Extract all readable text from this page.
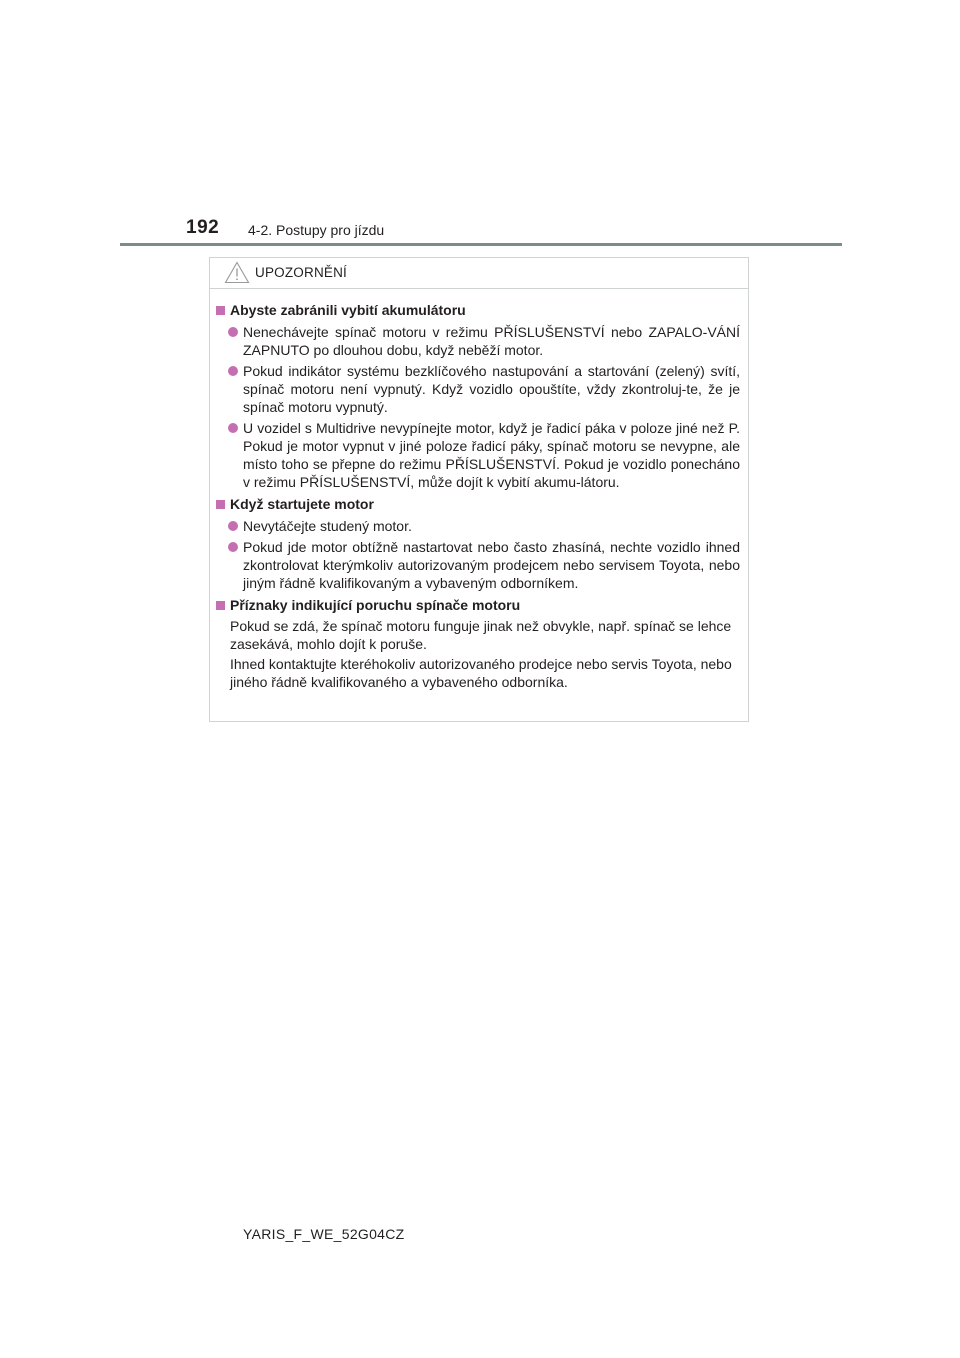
192 4-2. Postupy pro jízdu
UPOZORNĚNÍ
Abyste zabránili vybití akumulátoru
Nenechávejte spínač motoru v režimu PŘÍSLUŠENSTVÍ nebo ZAPALO-VÁNÍ ZAPNUTO po dlouhou dobu, když neběží motor.
Pokud indikátor systému bezklíčového nastupování a startování (zelený) svítí, spínač motoru není vypnutý. Když vozidlo opouštíte, vždy zkontroluj-te, že je spínač motoru vypnutý.
U vozidel s Multidrive nevypínejte motor, když je řadicí páka v poloze jiné než P. Pokud je motor vypnut v jiné poloze řadicí páky, spínač motoru se nevypne, ale místo toho se přepne do režimu PŘÍSLUŠENSTVÍ. Pokud je vozidlo ponecháno v režimu PŘÍSLUŠENSTVÍ, může dojít k vybití akumu-látoru.
Když startujete motor
Nevytáčejte studený motor.
Pokud jde motor obtížně nastartovat nebo často zhasíná, nechte vozidlo ihned zkontrolovat kterýmkoliv autorizovaným prodejcem nebo servisem Toyota, nebo jiným řádně kvalifikovaným a vybaveným odborníkem.
Příznaky indikující poruchu spínače motoru
Pokud se zdá, že spínač motoru funguje jinak než obvykle, např. spínač se lehce zasekává, mohlo dojít k poruše.
Ihned kontaktujte kteréhokoliv autorizovaného prodejce nebo servis Toyota, nebo jiného řádně kvalifikovaného a vybaveného odborníka.
YARIS_F_WE_52G04CZ
